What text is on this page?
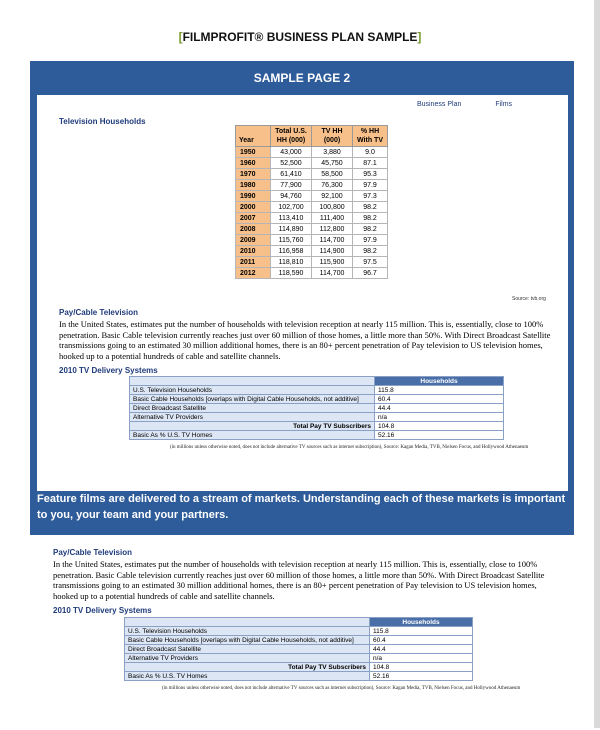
[FILMPROFIT® BUSINESS PLAN SAMPLE]
SAMPLE PAGE 2
Business Plan	Films
Television Households
Year	Total U.S. HH (000)	TV HH (000)	% HH With TV
1950	43,000	3,880	9.0
1960	52,500	45,750	87.1
1970	61,410	58,500	95.3
1980	77,900	76,300	97.9
1990	94,760	92,100	97.3
2000	102,700	100,800	98.2
2007	113,410	111,400	98.2
2008	114,890	112,800	98.2
2009	115,760	114,700	97.9
2010	116,958	114,900	98.2
2011	118,810	115,900	97.5
2012	118,590	114,700	96.7
Source: tvb.org
Pay/Cable Television
In the United States, estimates put the number of households with television reception at nearly 115 million. This is, essentially, close to 100% penetration. Basic Cable television currently reaches just over 60 million of those homes, a little more than 50%. With Direct Broadcast Satellite transmissions going to an estimated 30 million additional homes, there is an 80+ percent penetration of Pay television to US television homes, hooked up to a potential hundreds of cable and satellite channels.
2010 TV Delivery Systems
	Households
U.S. Television Households	115.8
Basic Cable Households [overlaps with Digital Cable Households, not additive]	60.4
Direct Broadcast Satellite	44.4
Alternative TV Providers	n/a
Total Pay TV Subscribers	104.8
Basic As % U.S. TV Homes	52.16
(in millions unless otherwise noted, does not include alternative TV sources such as internet subscription), Source: Kagan Media, TVB, Nielsen Focus, and Hollywood Athenaeum
Feature films are delivered to a stream of markets. Understanding each of these markets is important to you, your team and your partners.
Pay/Cable Television
In the United States, estimates put the number of households with television reception at nearly 115 million. This is, essentially, close to 100% penetration. Basic Cable television currently reaches just over 60 million of those homes, a little more than 50%. With Direct Broadcast Satellite transmissions going to an estimated 30 million additional homes, there is an 80+ percent penetration of Pay television to US television homes, hooked up to a potential hundreds of cable and satellite channels.
2010 TV Delivery Systems
	Households
U.S. Television Households	115.8
Basic Cable Households [overlaps with Digital Cable Households, not additive]	60.4
Direct Broadcast Satellite	44.4
Alternative TV Providers	n/a
Total Pay TV Subscribers	104.8
Basic As % U.S. TV Homes	52.16
(in millions unless otherwise noted, does not include alternative TV sources such as internet subscription), Source: Kagan Media, TVB, Nielsen Focus, and Hollywood Athenaeum
